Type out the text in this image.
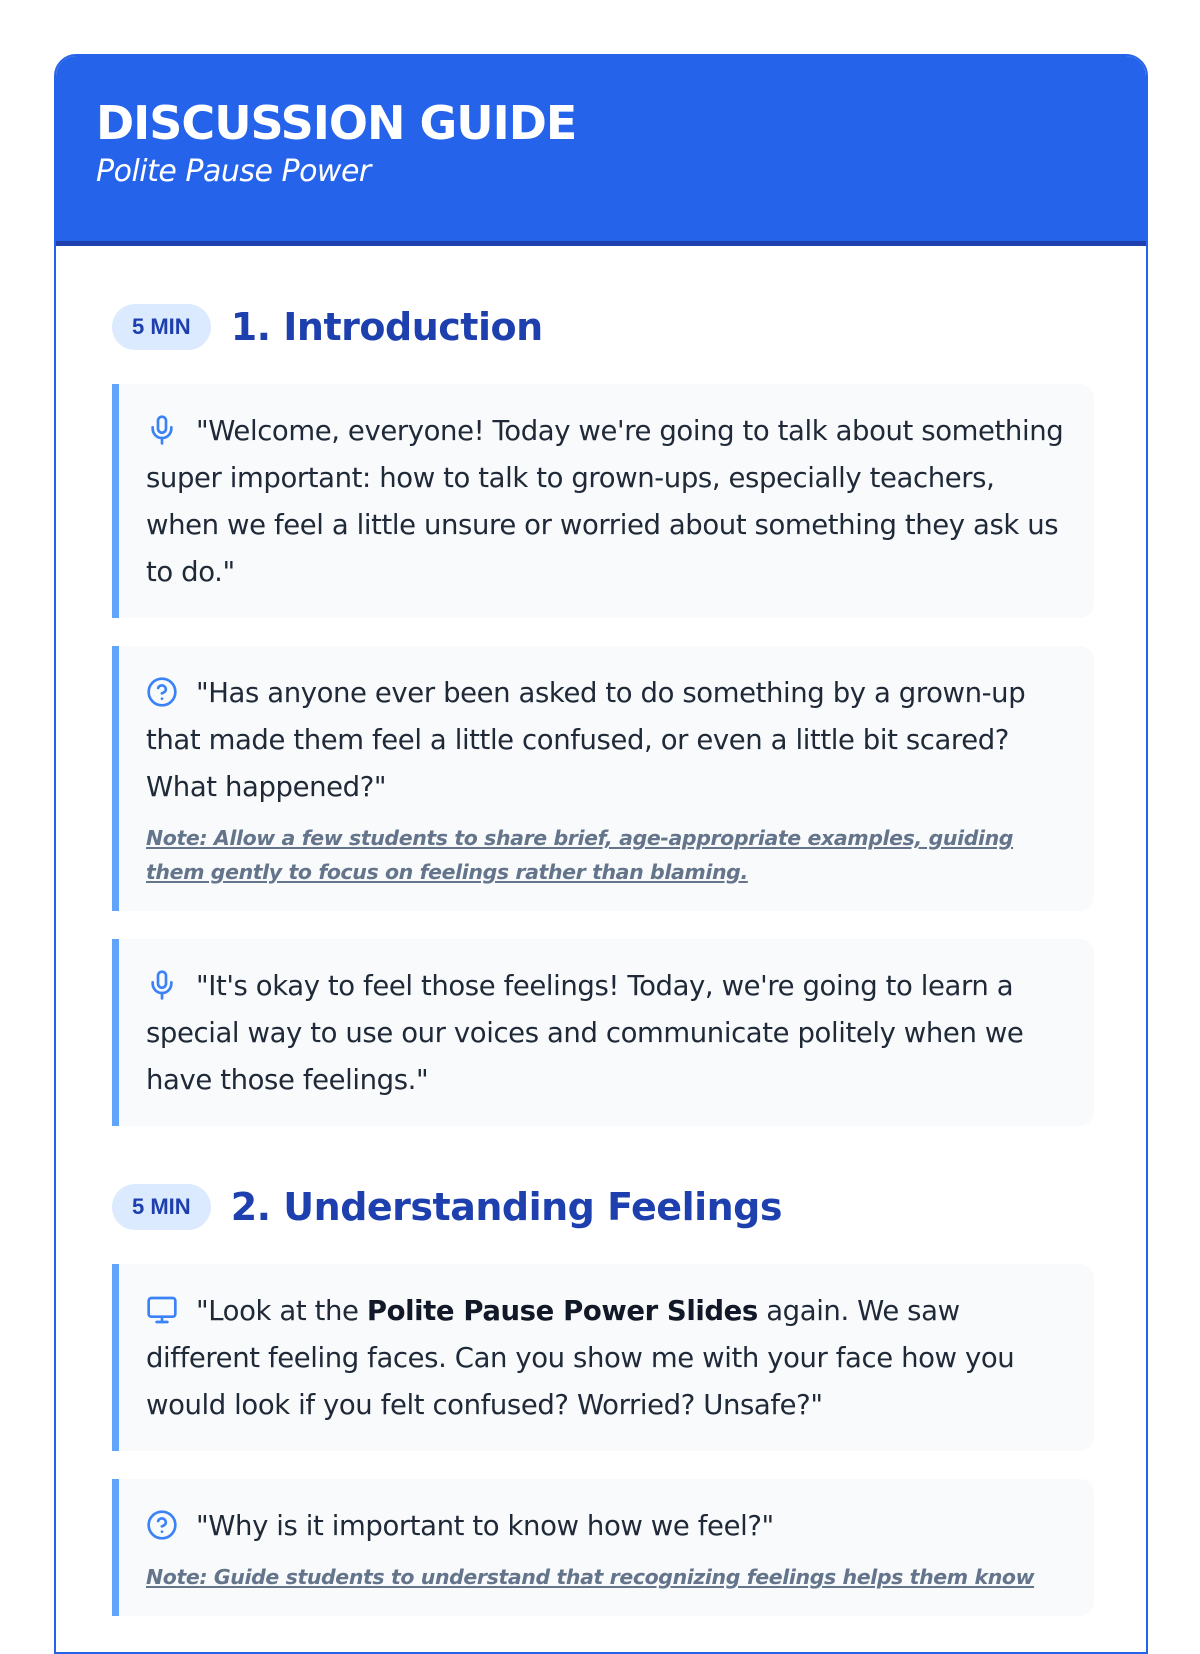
DISCUSSION GUIDE
Polite Pause Power
5 MIN	1. Introduction
"Welcome, everyone! Today we're going to talk about something super important: how to talk to grown-ups, especially teachers, when we feel a little unsure or worried about something they ask us to do."
"Has anyone ever been asked to do something by a grown-up that made them feel a little confused, or even a little bit scared? What happened?"
Note: Allow a few students to share brief, age-appropriate examples, guiding them gently to focus on feelings rather than blaming.
"It's okay to feel those feelings! Today, we're going to learn a special way to use our voices and communicate politely when we have those feelings."
5 MIN	2. Understanding Feelings
"Look at the Polite Pause Power Slides again. We saw different feeling faces. Can you show me with your face how you would look if you felt confused? Worried? Unsafe?"
"Why is it important to know how we feel?"
Note: Guide students to understand that recognizing feelings helps them know
